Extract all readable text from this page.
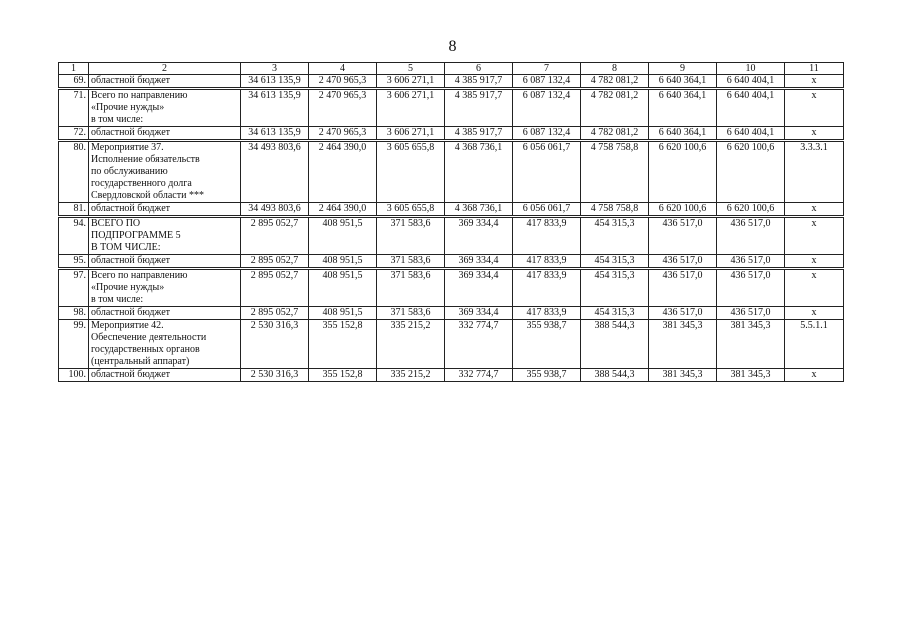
8
1	2	3	4	5	6	7	8	9	10	11
69.	областной бюджет	34 613 135,9	2 470 965,3	3 606 271,1	4 385 917,7	6 087 132,4	4 782 081,2	6 640 364,1	6 640 404,1	x
71.	Всего по направлению
«Прочие нужды»
в том числе:	34 613 135,9	2 470 965,3	3 606 271,1	4 385 917,7	6 087 132,4	4 782 081,2	6 640 364,1	6 640 404,1	x
72.	областной бюджет	34 613 135,9	2 470 965,3	3 606 271,1	4 385 917,7	6 087 132,4	4 782 081,2	6 640 364,1	6 640 404,1	x
80.	Мероприятие 37.
Исполнение обязательств
по обслуживанию
государственного долга
Свердловской области ***	34 493 803,6	2 464 390,0	3 605 655,8	4 368 736,1	6 056 061,7	4 758 758,8	6 620 100,6	6 620 100,6	3.3.3.1
81.	областной бюджет	34 493 803,6	2 464 390,0	3 605 655,8	4 368 736,1	6 056 061,7	4 758 758,8	6 620 100,6	6 620 100,6	x
94.	ВСЕГО ПО
ПОДПРОГРАММЕ 5
В ТОМ ЧИСЛЕ:	2 895 052,7	408 951,5	371 583,6	369 334,4	417 833,9	454 315,3	436 517,0	436 517,0	x
95.	областной бюджет	2 895 052,7	408 951,5	371 583,6	369 334,4	417 833,9	454 315,3	436 517,0	436 517,0	x
97.	Всего по направлению
«Прочие нужды»
в том числе:	2 895 052,7	408 951,5	371 583,6	369 334,4	417 833,9	454 315,3	436 517,0	436 517,0	x
98.	областной бюджет	2 895 052,7	408 951,5	371 583,6	369 334,4	417 833,9	454 315,3	436 517,0	436 517,0	x
99.	Мероприятие 42.
Обеспечение деятельности
государственных органов
(центральный аппарат)	2 530 316,3	355 152,8	335 215,2	332 774,7	355 938,7	388 544,3	381 345,3	381 345,3	5.5.1.1
100.	областной бюджет	2 530 316,3	355 152,8	335 215,2	332 774,7	355 938,7	388 544,3	381 345,3	381 345,3	x
